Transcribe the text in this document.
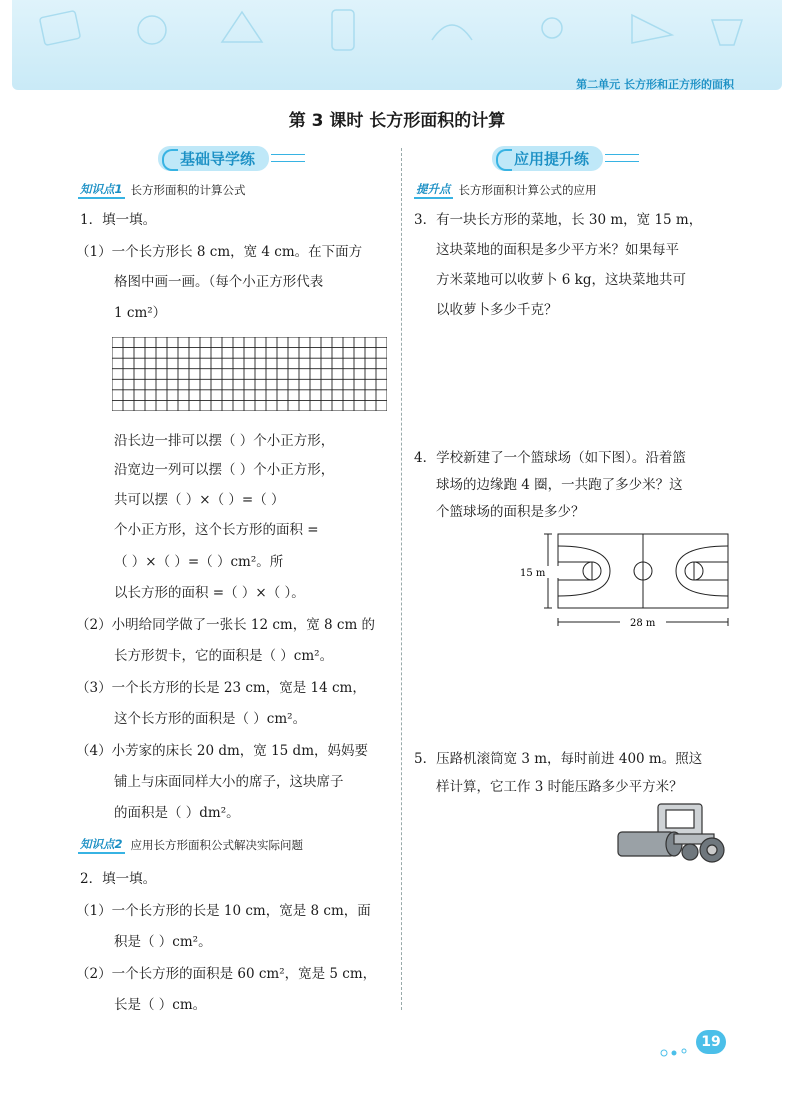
第二单元 长方形和正方形的面积
第 3 课时 长方形面积的计算
基础导学练
知识点1 长方形面积的计算公式
1．填一填。
（1）一个长方形长 8 cm，宽 4 cm。在下面方
格图中画一画。（每个小正方形代表
1 cm²）
沿长边一排可以摆（ ）个小正方形，
沿宽边一列可以摆（ ）个小正方形，
共可以摆（ ）×（ ）=（ ）
个小正方形，这个长方形的面积 =
（ ）×（ ）=（ ）cm²。所
以长方形的面积 =（ ）×（ ）。
（2）小明给同学做了一张长 12 cm，宽 8 cm 的
长方形贺卡，它的面积是（ ）cm²。
（3）一个长方形的长是 23 cm，宽是 14 cm，
这个长方形的面积是（ ）cm²。
（4）小芳家的床长 20 dm，宽 15 dm，妈妈要
铺上与床面同样大小的席子，这块席子
的面积是（ ）dm²。
知识点2 应用长方形面积公式解决实际问题
2．填一填。
（1）一个长方形的长是 10 cm，宽是 8 cm，面
积是（ ）cm²。
（2）一个长方形的面积是 60 cm²，宽是 5 cm，
长是（ ）cm。
应用提升练
提升点 长方形面积计算公式的应用
3．有一块长方形的菜地，长 30 m，宽 15 m，
这块菜地的面积是多少平方米？如果每平
方米菜地可以收萝卜 6 kg，这块菜地共可
以收萝卜多少千克？
4．学校新建了一个篮球场（如下图）。沿着篮
球场的边缘跑 4 圈，一共跑了多少米？这
个篮球场的面积是多少？
15 m
28 m
5．压路机滚筒宽 3 m，每时前进 400 m。照这
样计算，它工作 3 时能压路多少平方米？
19
